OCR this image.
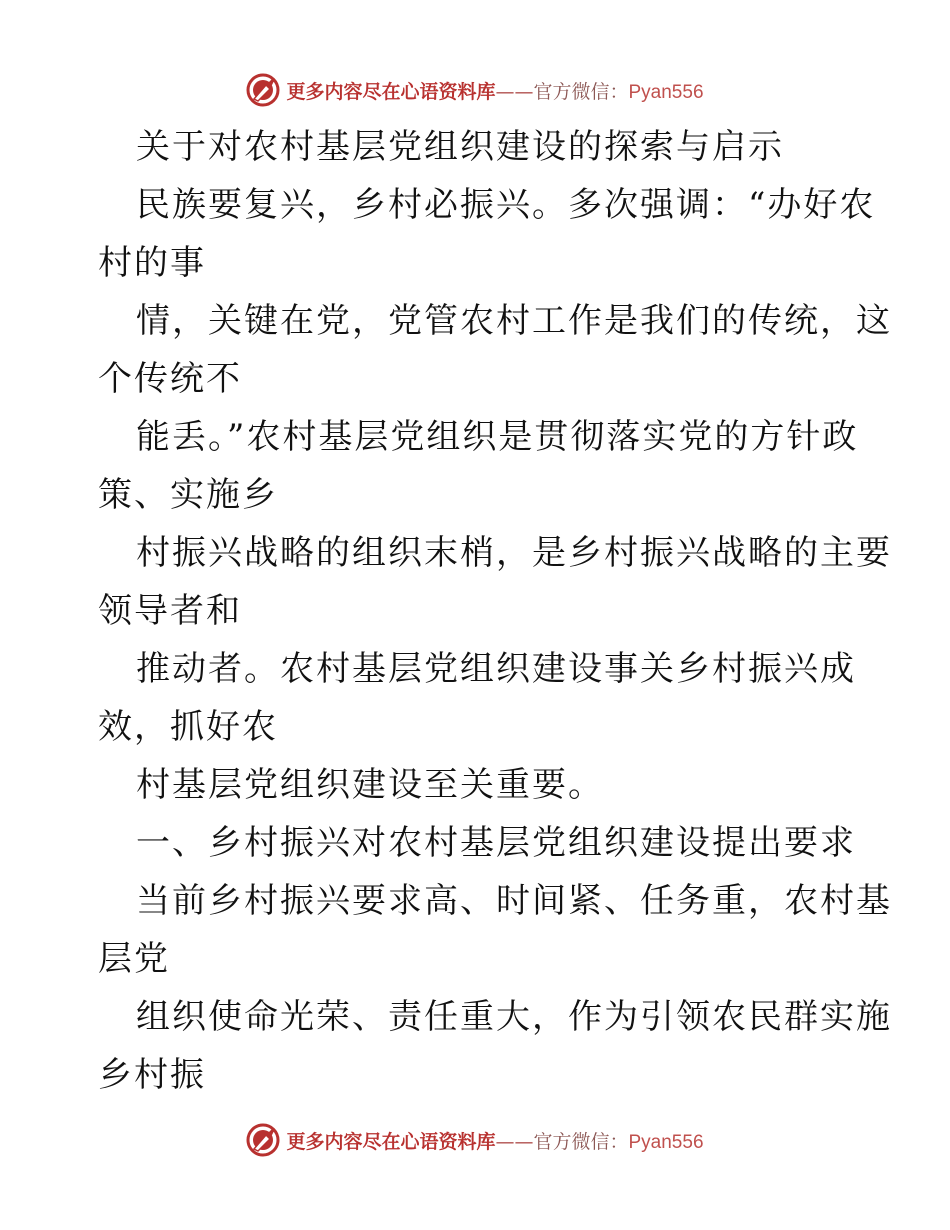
更多内容尽在心语资料库——官方微信：Pyan556
关于对农村基层党组织建设的探索与启示
民族要复兴，乡村必振兴。多次强调：“办好农
村的事
情，关键在党，党管农村工作是我们的传统，这
个传统不
能丢。”农村基层党组织是贯彻落实党的方针政
策、实施乡
村振兴战略的组织末梢，是乡村振兴战略的主要
领导者和
推动者。农村基层党组织建设事关乡村振兴成
效，抓好农
村基层党组织建设至关重要。
一、乡村振兴对农村基层党组织建设提出要求
当前乡村振兴要求高、时间紧、任务重，农村基
层党
组织使命光荣、责任重大，作为引领农民群实施
乡村振
更多内容尽在心语资料库——官方微信：Pyan556
